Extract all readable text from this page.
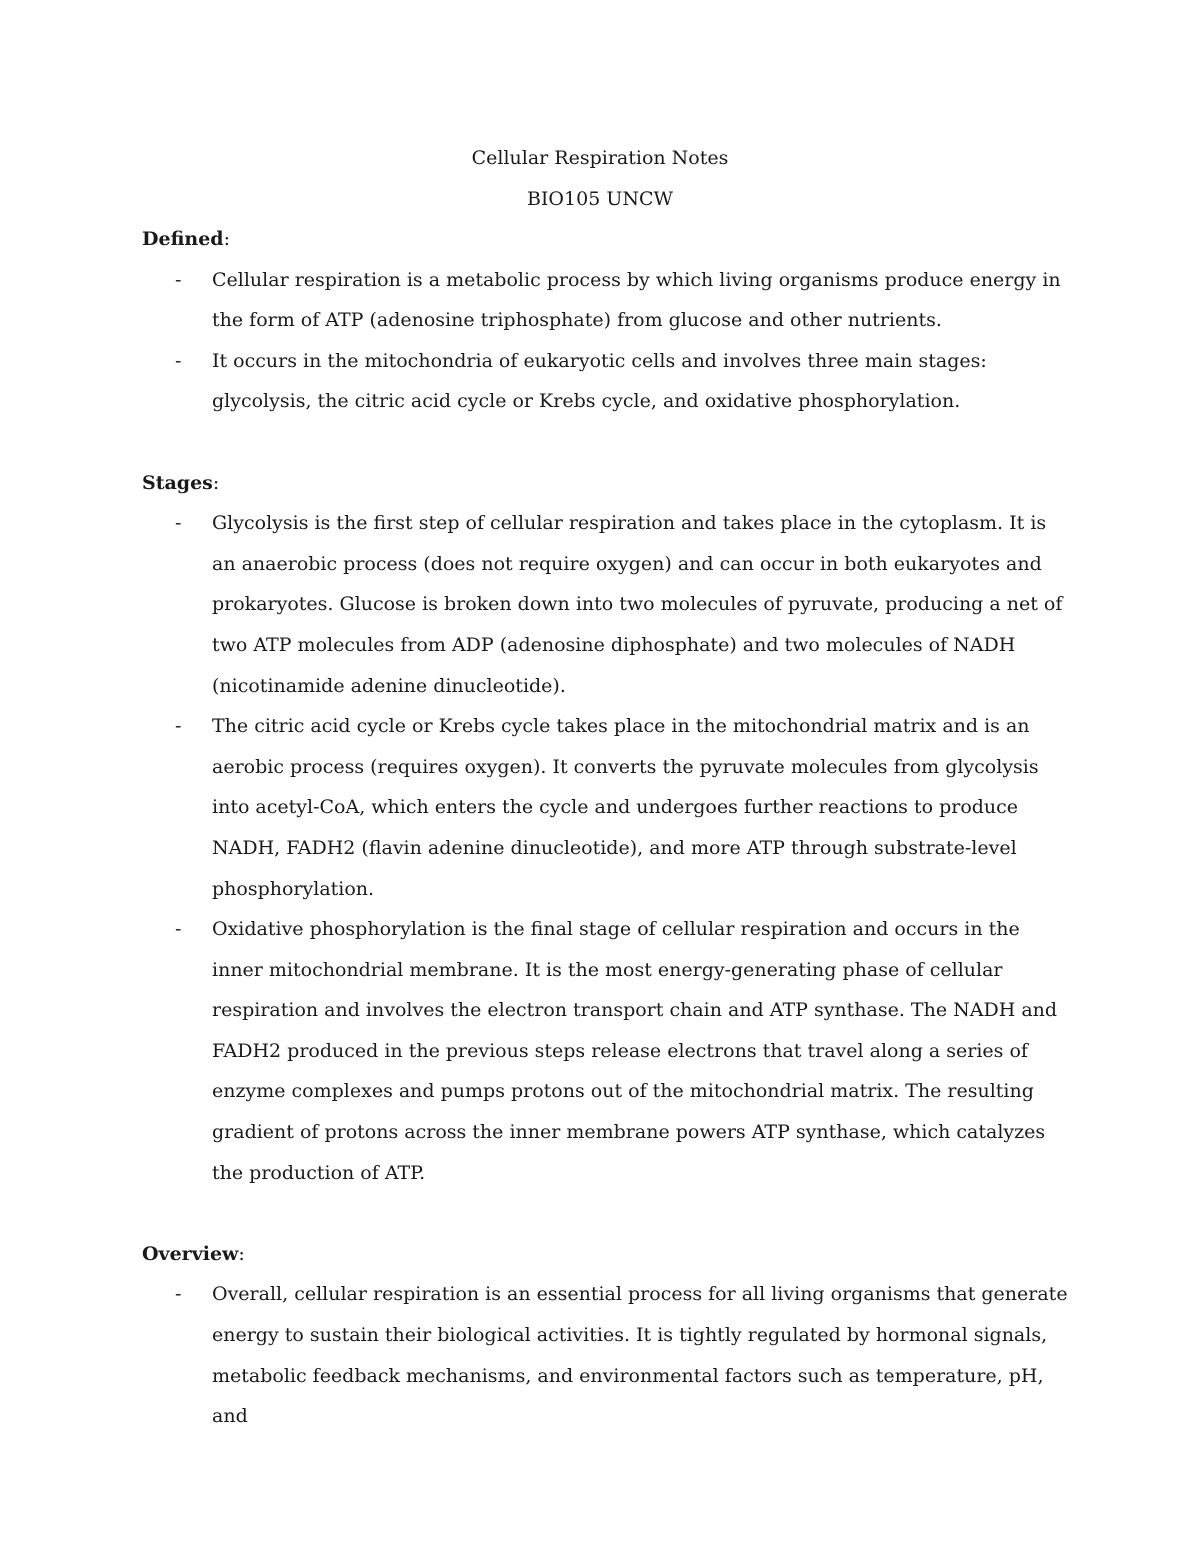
Cellular Respiration Notes
BIO105 UNCW

Defined:

- Cellular respiration is a metabolic process by which living organisms produce energy in the form of ATP (adenosine triphosphate) from glucose and other nutrients.
- It occurs in the mitochondria of eukaryotic cells and involves three main stages: glycolysis, the citric acid cycle or Krebs cycle, and oxidative phosphorylation.

Stages:

- Glycolysis is the first step of cellular respiration and takes place in the cytoplasm. It is an anaerobic process (does not require oxygen) and can occur in both eukaryotes and prokaryotes. Glucose is broken down into two molecules of pyruvate, producing a net of two ATP molecules from ADP (adenosine diphosphate) and two molecules of NADH (nicotinamide adenine dinucleotide).
- The citric acid cycle or Krebs cycle takes place in the mitochondrial matrix and is an aerobic process (requires oxygen). It converts the pyruvate molecules from glycolysis into acetyl-CoA, which enters the cycle and undergoes further reactions to produce NADH, FADH2 (flavin adenine dinucleotide), and more ATP through substrate-level phosphorylation.
- Oxidative phosphorylation is the final stage of cellular respiration and occurs in the inner mitochondrial membrane. It is the most energy-generating phase of cellular respiration and involves the electron transport chain and ATP synthase. The NADH and FADH2 produced in the previous steps release electrons that travel along a series of enzyme complexes and pumps protons out of the mitochondrial matrix. The resulting gradient of protons across the inner membrane powers ATP synthase, which catalyzes the production of ATP.

Overview:

- Overall, cellular respiration is an essential process for all living organisms that generate energy to sustain their biological activities. It is tightly regulated by hormonal signals, metabolic feedback mechanisms, and environmental factors such as temperature, pH, and
